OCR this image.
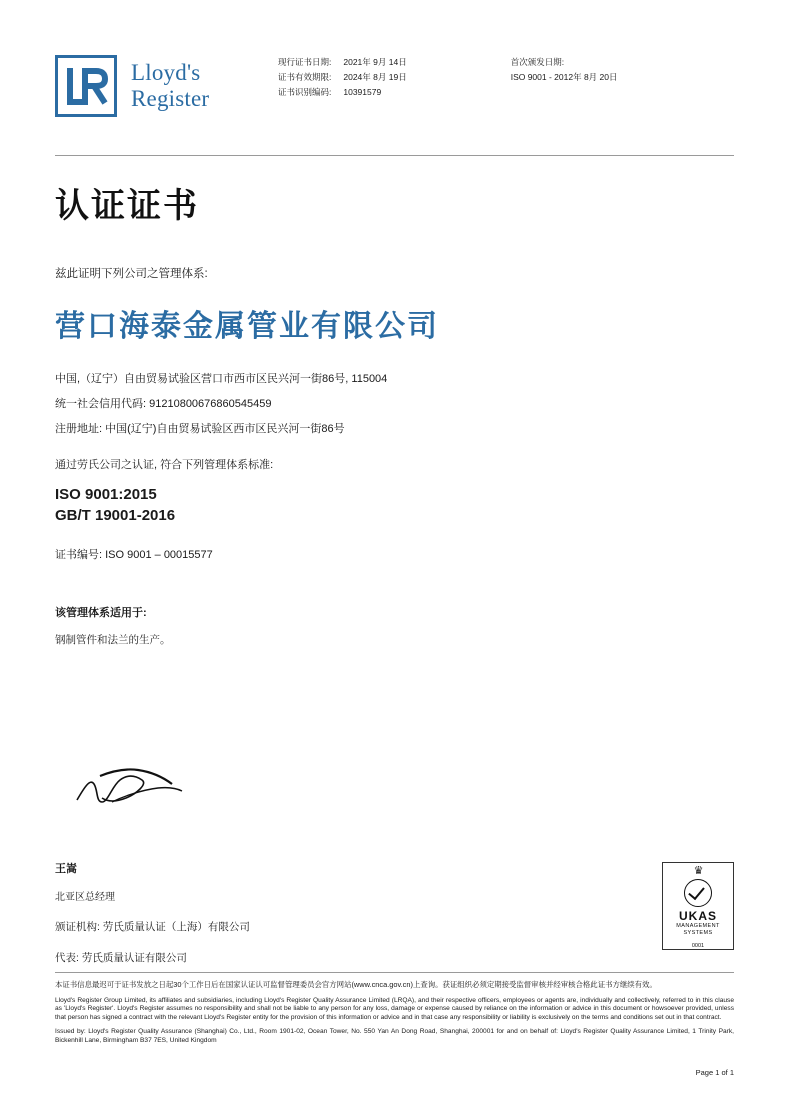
Lloyd's
Register
现行证书日期:
证书有效期限:
证书识别编码:
2021年 9月 14日
2024年 8月 19日
10391579
首次颁发日期:
ISO 9001 - 2012年 8月 20日
认证证书
兹此证明下列公司之管理体系:
营口海泰金属管业有限公司
中国,（辽宁）自由贸易试验区营口市西市区民兴河一街86号, 115004
统一社会信用代码: 91210800676860545459
注册地址: 中国(辽宁)自由贸易试验区西市区民兴河一街86号
通过劳氏公司之认证, 符合下列管理体系标准:
ISO 9001:2015
GB/T 19001-2016
证书编号: ISO 9001 – 00015577
该管理体系适用于:
钢制管件和法兰的生产。
王嵩
北亚区总经理
颁证机构: 劳氏质量认证（上海）有限公司
代表: 劳氏质量认证有限公司
♛
UKAS
MANAGEMENT
SYSTEMS
0001

本证书信息最迟可于证书发放之日起30个工作日后在国家认证认可监督管理委员会官方网站(www.cnca.gov.cn)上查询。获证组织必须定期接受监督审核并经审核合格此证书方继续有效。

Lloyd's Register Group Limited, its affiliates and subsidiaries, including Lloyd's Register Quality Assurance Limited (LRQA), and their respective officers, employees or agents are, individually and collectively, referred to in this clause as 'Lloyd's Register'. Lloyd's Register assumes no responsibility and shall not be liable to any person for any loss, damage or expense caused by reliance on the information or advice in this document or howsoever provided, unless that person has signed a contract with the relevant Lloyd's Register entity for the provision of this information or advice and in that case any responsibility or liability is exclusively on the terms and conditions set out in that contract.

Issued by: Lloyd's Register Quality Assurance (Shanghai) Co., Ltd., Room 1901-02, Ocean Tower, No. 550 Yan An Dong Road, Shanghai, 200001 for and on behalf of: Lloyd's Register Quality Assurance Limited, 1 Trinity Park, Bickenhill Lane, Birmingham B37 7ES, United Kingdom

Page 1 of 1
